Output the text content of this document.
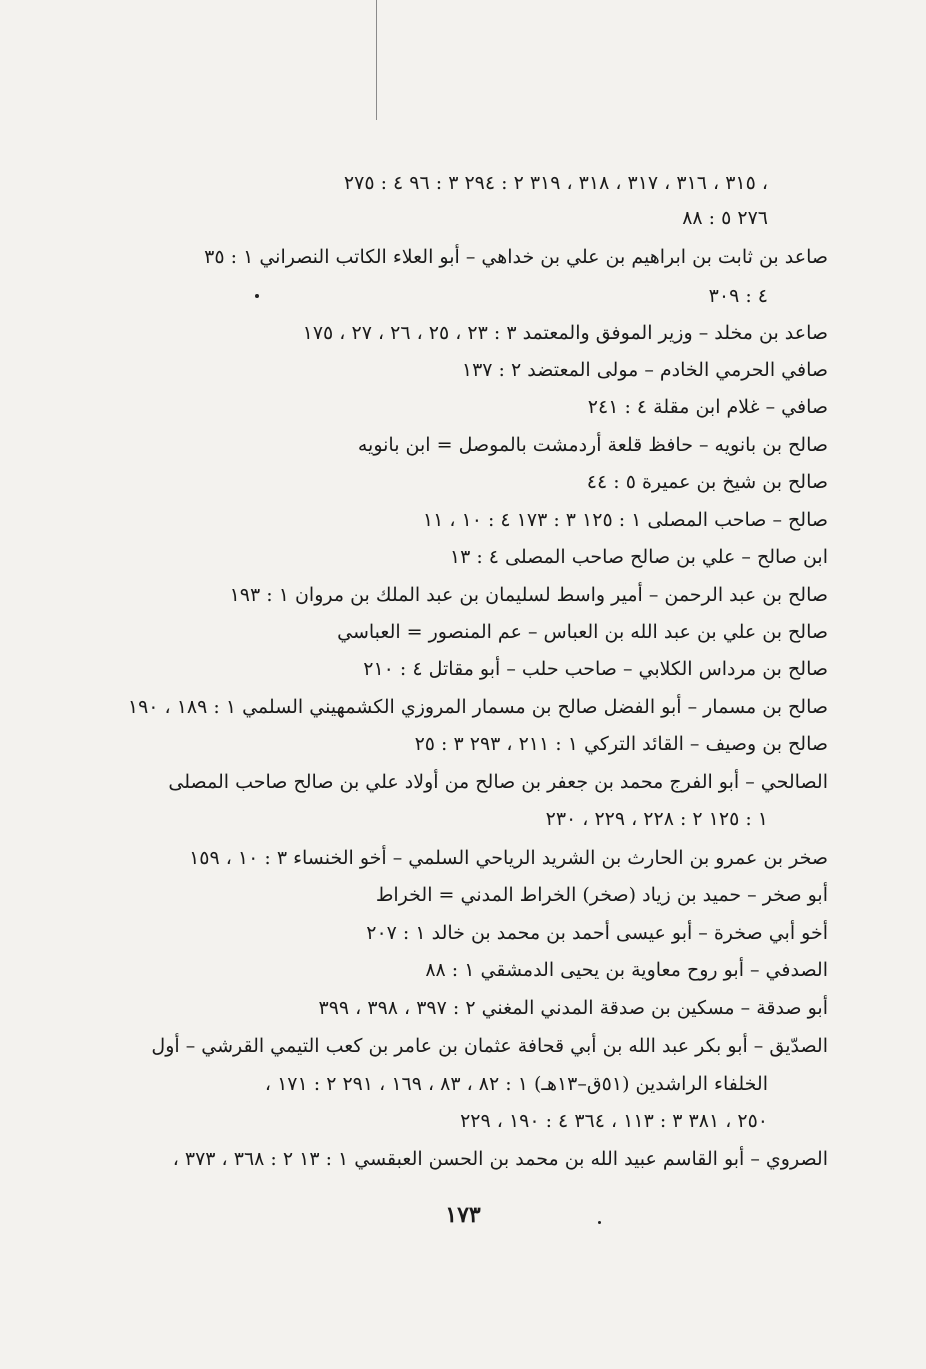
٣١٥ ، ٣١٦ ، ٣١٧ ، ٣١٨ ، ٣١٩ ٢ : ٢٩٤ ٣ : ٩٦ ٤ : ٢٧٥ ،
٢٧٦ ٥ : ٨٨
صاعد بن ثابت بن ابراهيم بن علي بن خداهي – أبو العلاء الكاتب النصراني ١ : ٣٥
٤ : ٣٠٩
صاعد بن مخلد – وزير الموفق والمعتمد ٣ : ٢٣ ، ٢٥ ، ٢٦ ، ٢٧ ، ١٧٥
صافي الحرمي الخادم – مولى المعتضد ٢ : ١٣٧
صافي – غلام ابن مقلة ٤ : ٢٤١
صالح بن بانويه – حافظ قلعة أردمشت بالموصل = ابن بانويه
صالح بن شيخ بن عميرة ٥ : ٤٤
صالح – صاحب المصلى ١ : ١٢٥ ٣ : ١٧٣ ٤ : ١٠ ، ١١
ابن صالح – علي بن صالح صاحب المصلى ٤ : ١٣
صالح بن عبد الرحمن – أمير واسط لسليمان بن عبد الملك بن مروان ١ : ١٩٣
صالح بن علي بن عبد الله بن العباس – عم المنصور = العباسي
صالح بن مرداس الكلابي – صاحب حلب – أبو مقاتل ٤ : ٢١٠
صالح بن مسمار – أبو الفضل صالح بن مسمار المروزي الكشمهيني السلمي ١ : ١٨٩ ، ١٩٠
صالح بن وصيف – القائد التركي ١ : ٢١١ ، ٢٩٣ ٣ : ٢٥
الصالحي – أبو الفرج محمد بن جعفر بن صالح من أولاد علي بن صالح صاحب المصلى
١ : ١٢٥ ٢ : ٢٢٨ ، ٢٢٩ ، ٢٣٠
صخر بن عمرو بن الحارث بن الشريد الرياحي السلمي – أخو الخنساء ٣ : ١٠ ، ١٥٩
أبو صخر – حميد بن زياد (صخر) الخراط المدني = الخراط
أخو أبي صخرة – أبو عيسى أحمد بن محمد بن خالد ١ : ٢٠٧
الصدفي – أبو روح معاوية بن يحيى الدمشقي ١ : ٨٨
أبو صدقة – مسكين بن صدقة المدني المغني ٢ : ٣٩٧ ، ٣٩٨ ، ٣٩٩
الصدّيق – أبو بكر عبد الله بن أبي قحافة عثمان بن عامر بن كعب التيمي القرشي – أول
الخلفاء الراشدين (٥١ق–١٣هـ) ١ : ٨٢ ، ٨٣ ، ١٦٩ ، ٢٩١ ٢ : ١٧١ ،
٢٥٠ ، ٣٨١ ٣ : ١١٣ ، ٣٦٤ ٤ : ١٩٠ ، ٢٢٩
الصروي – أبو القاسم عبيد الله بن محمد بن الحسن العبقسي ١ : ١٣ ٢ : ٣٦٨ ، ٣٧٣ ،
١٧٣
